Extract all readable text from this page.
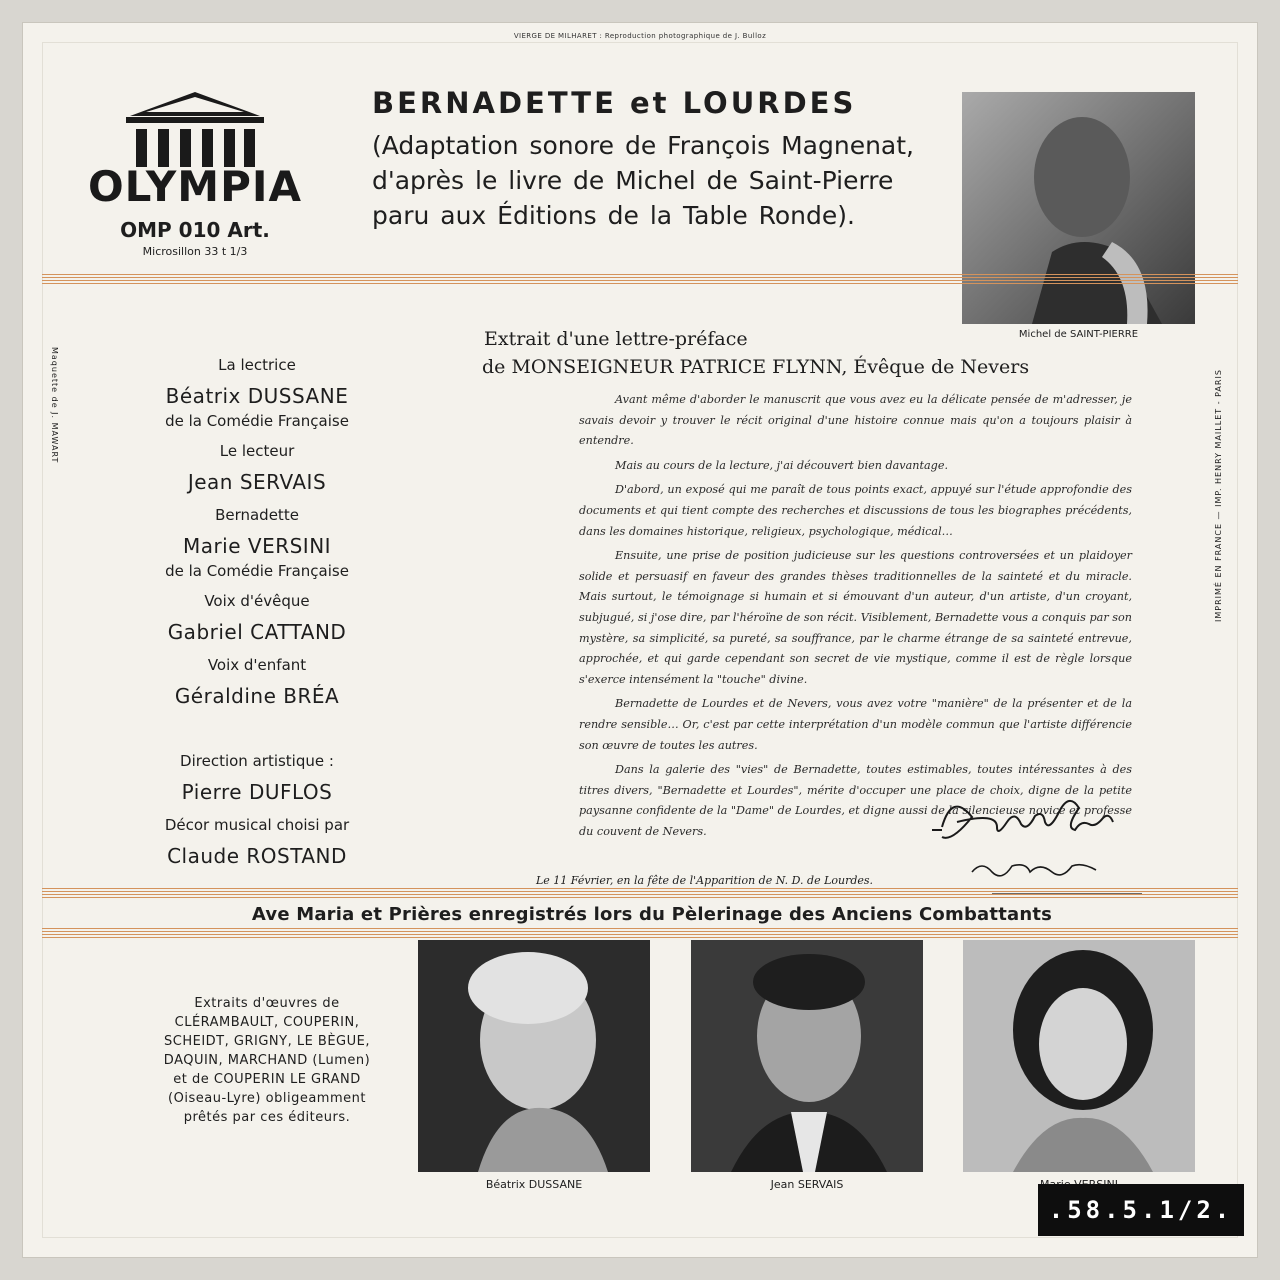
VIERGE DE MILHARET : Reproduction photographique de J. Bulloz
OLYMPIA
OMP 010 Art.
Microsillon 33 t 1/3
BERNADETTE et LOURDES
(Adaptation sonore de François Magnenat,
d'après le livre de Michel de Saint-Pierre
paru aux Éditions de la Table Ronde).
Michel de SAINT-PIERRE
Maquette de J. MAWART	IMPRIMÉ EN FRANCE — IMP. HENRY MAILLET - PARIS
La lectrice
Béatrix DUSSANE
de la Comédie Française
Le lecteur
Jean SERVAIS
Bernadette
Marie VERSINI
de la Comédie Française
Voix d'évêque
Gabriel CATTAND
Voix d'enfant
Géraldine BRÉA
Direction artistique :
Pierre DUFLOS
Décor musical choisi par
Claude ROSTAND
Extrait d'une lettre-préface
de MONSEIGNEUR PATRICE FLYNN, Évêque de Nevers

Avant même d'aborder le manuscrit que vous avez eu la délicate pensée de m'adresser, je savais devoir y trouver le récit original d'une histoire connue mais qu'on a toujours plaisir à entendre.

Mais au cours de la lecture, j'ai découvert bien davantage.

D'abord, un exposé qui me paraît de tous points exact, appuyé sur l'étude approfondie des documents et qui tient compte des recherches et discussions de tous les biographes précédents, dans les domaines historique, religieux, psychologique, médical…

Ensuite, une prise de position judicieuse sur les questions controversées et un plaidoyer solide et persuasif en faveur des grandes thèses traditionnelles de la sainteté et du miracle. Mais surtout, le témoignage si humain et si émouvant d'un auteur, d'un artiste, d'un croyant, subjugué, si j'ose dire, par l'héroïne de son récit. Visiblement, Bernadette vous a conquis par son mystère, sa simplicité, sa pureté, sa souffrance, par le charme étrange de sa sainteté entrevue, approchée, et qui garde cependant son secret de vie mystique, comme il est de règle lorsque s'exerce intensément la "touche" divine.

Bernadette de Lourdes et de Nevers, vous avez votre "manière" de la présenter et de la rendre sensible… Or, c'est par cette interprétation d'un modèle commun que l'artiste différencie son œuvre de toutes les autres.

Dans la galerie des "vies" de Bernadette, toutes estimables, toutes intéressantes à des titres divers, "Bernadette et Lourdes", mérite d'occuper une place de choix, digne de la petite paysanne confidente de la "Dame" de Lourdes, et digne aussi de la silencieuse novice et professe du couvent de Nevers.

Le 11 Février, en la fête de l'Apparition de N. D. de Lourdes.
Ave Maria et Prières enregistrés lors du Pèlerinage des Anciens Combattants
Extraits d'œuvres de
CLÉRAMBAULT, COUPERIN,
SCHEIDT, GRIGNY, LE BÈGUE,
DAQUIN, MARCHAND (Lumen)
et de COUPERIN LE GRAND
(Oiseau-Lyre) obligeamment
prêtés par ces éditeurs.
Béatrix DUSSANE	Jean SERVAIS
.58.5.1/2.
